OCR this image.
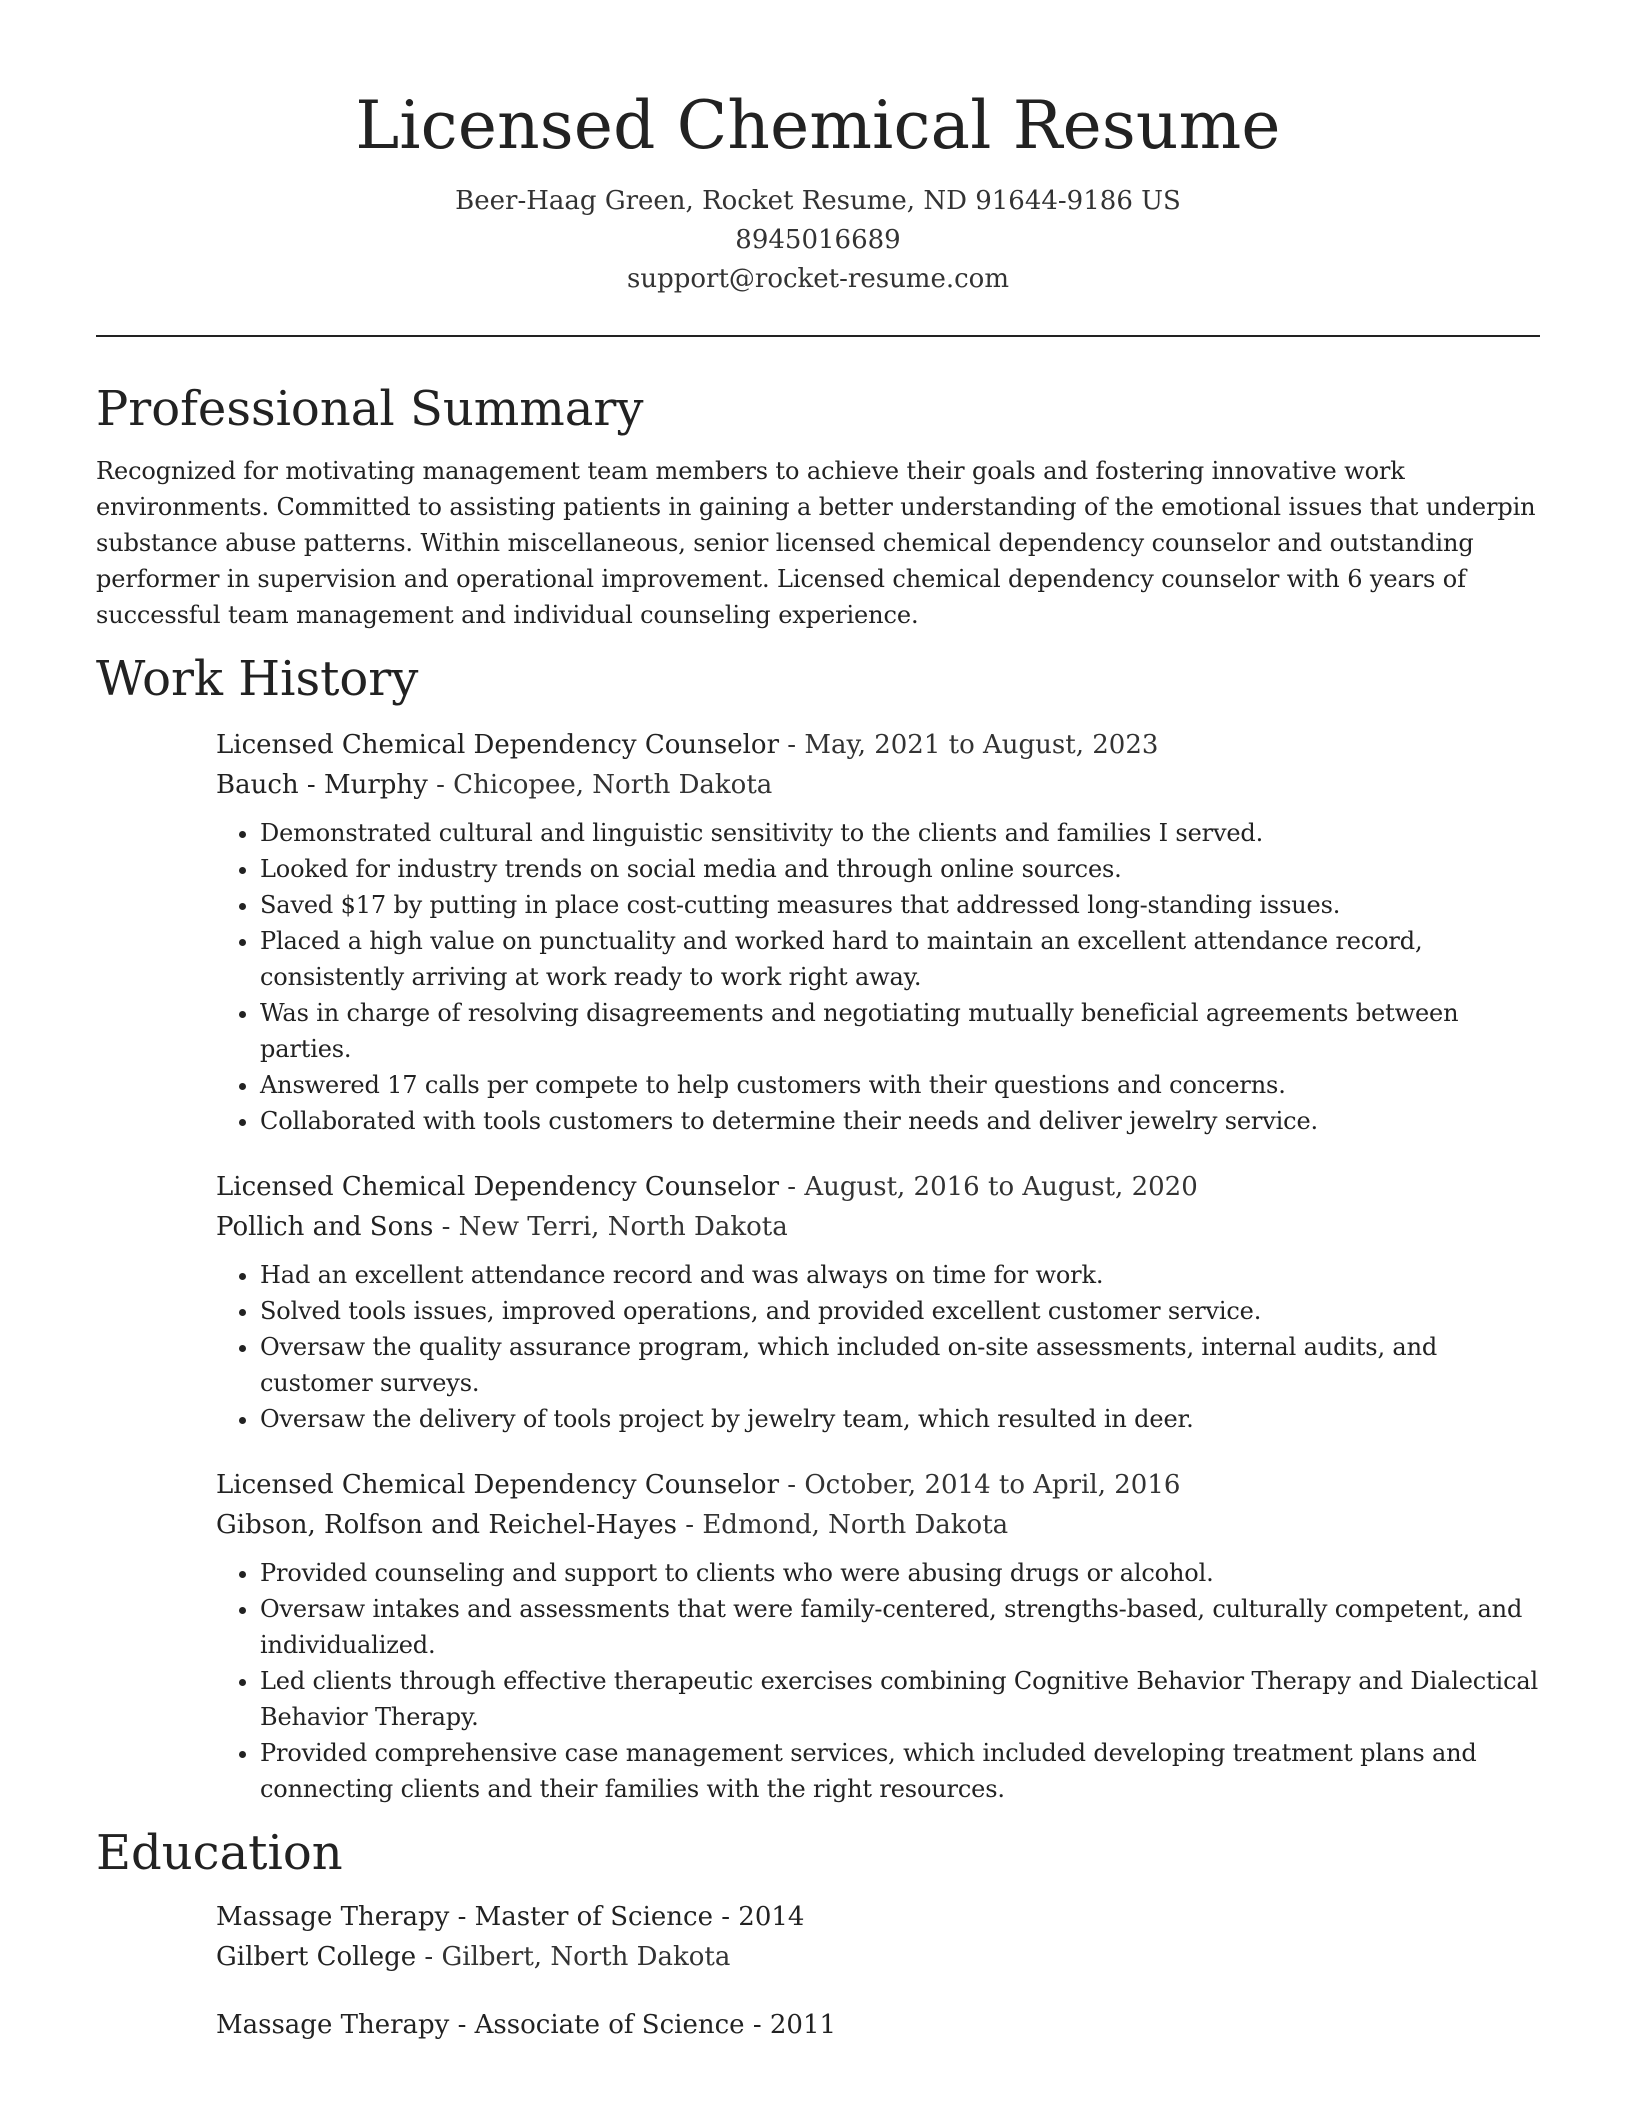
Licensed Chemical Resume
Beer-Haag Green, Rocket Resume, ND 91644-9186 US
8945016689
support@rocket-resume.com
Professional Summary

Recognized for motivating management team members to achieve their goals and fostering innovative work environments. Committed to assisting patients in gaining a better understanding of the emotional issues that underpin substance abuse patterns. Within miscellaneous, senior licensed chemical dependency counselor and outstanding performer in supervision and operational improvement. Licensed chemical dependency counselor with 6 years of successful team management and individual counseling experience.

Work History
Licensed Chemical Dependency Counselor - May, 2021 to August, 2023
Bauch - Murphy - Chicopee, North Dakota
• Demonstrated cultural and linguistic sensitivity to the clients and families I served.
• Looked for industry trends on social media and through online sources.
• Saved $17 by putting in place cost-cutting measures that addressed long-standing issues.
• Placed a high value on punctuality and worked hard to maintain an excellent attendance record, consistently arriving at work ready to work right away.
• Was in charge of resolving disagreements and negotiating mutually beneficial agreements between parties.
• Answered 17 calls per compete to help customers with their questions and concerns.
• Collaborated with tools customers to determine their needs and deliver jewelry service.
Licensed Chemical Dependency Counselor - August, 2016 to August, 2020
Pollich and Sons - New Terri, North Dakota
• Had an excellent attendance record and was always on time for work.
• Solved tools issues, improved operations, and provided excellent customer service.
• Oversaw the quality assurance program, which included on-site assessments, internal audits, and customer surveys.
• Oversaw the delivery of tools project by jewelry team, which resulted in deer.
Licensed Chemical Dependency Counselor - October, 2014 to April, 2016
Gibson, Rolfson and Reichel-Hayes - Edmond, North Dakota
• Provided counseling and support to clients who were abusing drugs or alcohol.
• Oversaw intakes and assessments that were family-centered, strengths-based, culturally competent, and individualized.
• Led clients through effective therapeutic exercises combining Cognitive Behavior Therapy and Dialectical Behavior Therapy.
• Provided comprehensive case management services, which included developing treatment plans and connecting clients and their families with the right resources.
Education
Massage Therapy - Master of Science - 2014
Gilbert College - Gilbert, North Dakota
Massage Therapy - Associate of Science - 2011
